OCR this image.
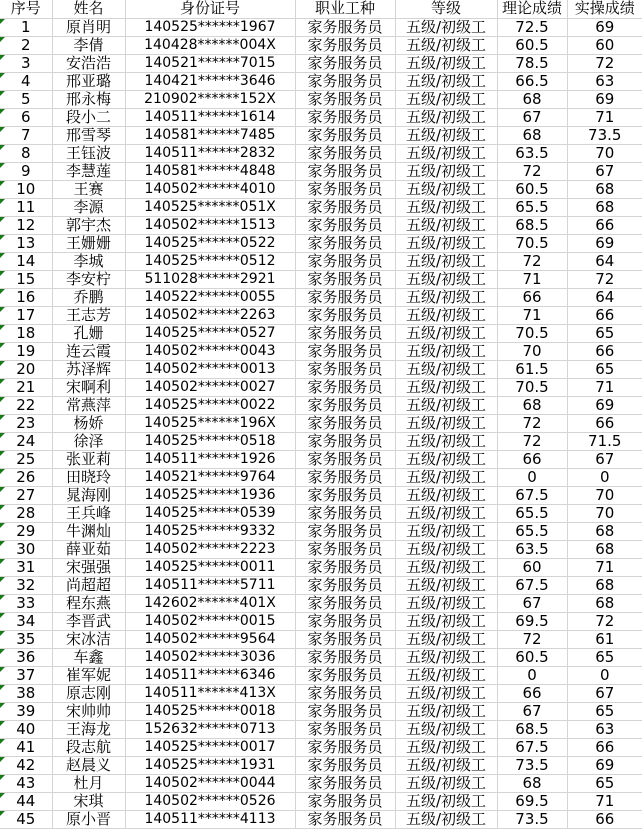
序号	姓名	身份证号	职业工种	等级	理论成绩	实操成绩

1	原肖明	140525******1967	家务服务员	五级/初级工	72.5	69

2	李倩	140428******004X	家务服务员	五级/初级工	60.5	60

3	安浩浩	140521******7015	家务服务员	五级/初级工	78.5	72

4	邢亚璐	140421******3646	家务服务员	五级/初级工	66.5	63

5	邢永梅	210902******152X	家务服务员	五级/初级工	68	69

6	段小二	140511******1614	家务服务员	五级/初级工	67	71

7	邢雪琴	140581******7485	家务服务员	五级/初级工	68	73.5

8	王钰波	140511******2832	家务服务员	五级/初级工	63.5	70

9	李慧莲	140581******4848	家务服务员	五级/初级工	72	67

10	王赛	140502******4010	家务服务员	五级/初级工	60.5	68

11	李源	140525******051X	家务服务员	五级/初级工	65.5	68

12	郭宇杰	140502******1513	家务服务员	五级/初级工	68.5	66

13	王姗姗	140525******0522	家务服务员	五级/初级工	70.5	69

14	李城	140525******0512	家务服务员	五级/初级工	72	64

15	李安柠	511028******2921	家务服务员	五级/初级工	71	72

16	乔鹏	140522******0055	家务服务员	五级/初级工	66	64

17	王志芳	140502******2263	家务服务员	五级/初级工	71	66

18	孔姗	140525******0527	家务服务员	五级/初级工	70.5	65

19	连云霞	140502******0043	家务服务员	五级/初级工	70	66

20	苏泽辉	140502******0013	家务服务员	五级/初级工	61.5	65

21	宋啊利	140502******0027	家务服务员	五级/初级工	70.5	71

22	常燕萍	140525******0022	家务服务员	五级/初级工	68	69

23	杨娇	140525******196X	家务服务员	五级/初级工	72	66

24	徐泽	140525******0518	家务服务员	五级/初级工	72	71.5

25	张亚莉	140511******1926	家务服务员	五级/初级工	66	67

26	田晓玲	140521******9764	家务服务员	五级/初级工	0	0

27	晁海刚	140525******1936	家务服务员	五级/初级工	67.5	70

28	王兵峰	140525******0539	家务服务员	五级/初级工	65.5	70

29	牛渊灿	140525******9332	家务服务员	五级/初级工	65.5	68

30	薛亚茹	140502******2223	家务服务员	五级/初级工	63.5	68

31	宋强强	140525******0011	家务服务员	五级/初级工	60	71

32	尚超超	140511******5711	家务服务员	五级/初级工	67.5	68

33	程东燕	142602******401X	家务服务员	五级/初级工	67	68

34	李晋武	140502******0015	家务服务员	五级/初级工	69.5	72

35	宋冰洁	140502******9564	家务服务员	五级/初级工	72	61

36	车鑫	140502******3036	家务服务员	五级/初级工	60.5	65

37	崔军妮	140511******6346	家务服务员	五级/初级工	0	0

38	原志刚	140511******413X	家务服务员	五级/初级工	66	67

39	宋帅帅	140525******0018	家务服务员	五级/初级工	67	65

40	王海龙	152632******0713	家务服务员	五级/初级工	68.5	63

41	段志航	140525******0017	家务服务员	五级/初级工	67.5	66

42	赵晨义	140525******1931	家务服务员	五级/初级工	73.5	69

43	杜月	140502******0044	家务服务员	五级/初级工	68	65

44	宋琪	140502******0526	家务服务员	五级/初级工	69.5	71

45	原小晋	140511******4113	家务服务员	五级/初级工	73.5	66
